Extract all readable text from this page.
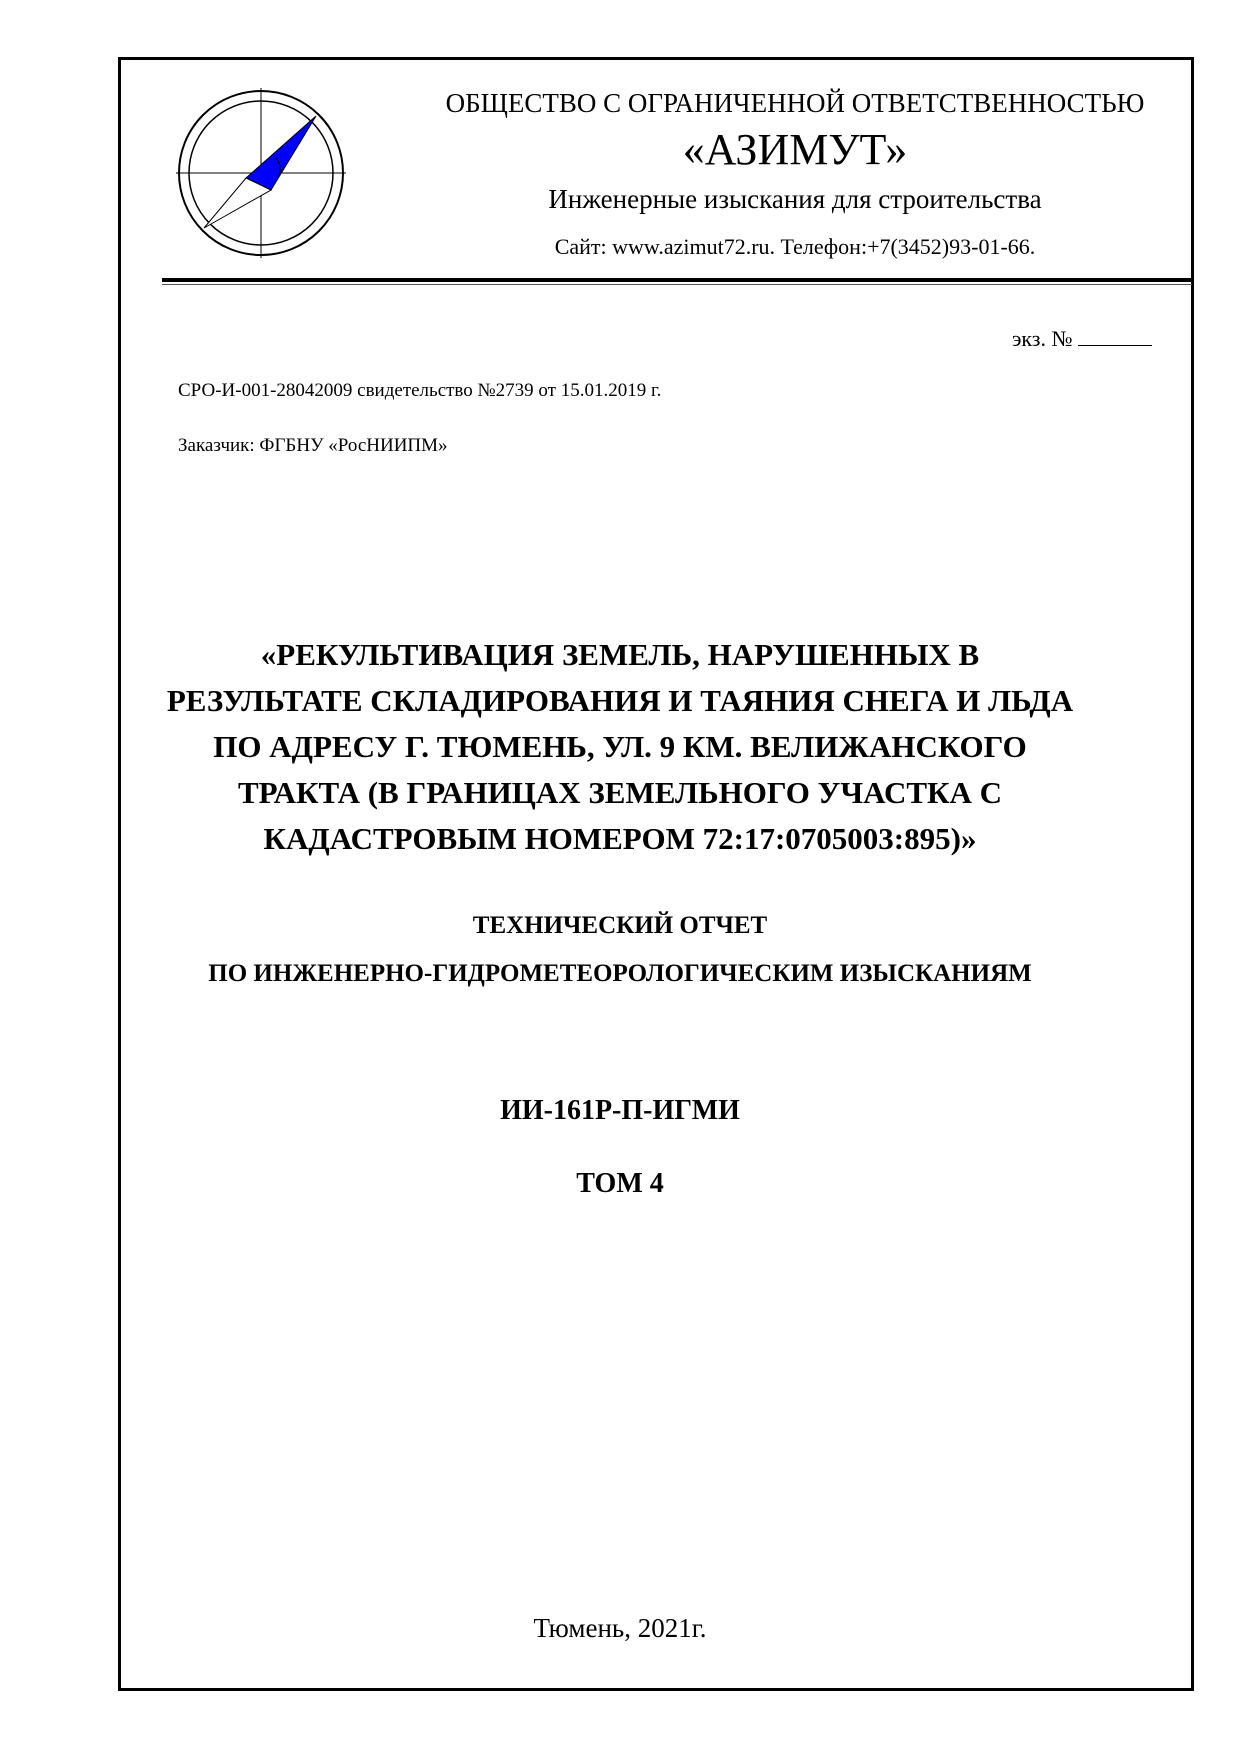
ОБЩЕСТВО С ОГРАНИЧЕННОЙ ОТВЕТСТВЕННОСТЬЮ
«АЗИМУТ»
Инженерные изыскания для строительства
Сайт: www.azimut72.ru. Телефон:+7(3452)93-01-66.
экз. №
СРО-И-001-28042009 свидетельство №2739 от 15.01.2019 г.
Заказчик: ФГБНУ «РосНИИПМ»
«РЕКУЛЬТИВАЦИЯ ЗЕМЕЛЬ, НАРУШЕННЫХ В
РЕЗУЛЬТАТЕ СКЛАДИРОВАНИЯ И ТАЯНИЯ СНЕГА И ЛЬДА
ПО АДРЕСУ Г. ТЮМЕНЬ, УЛ. 9 КМ. ВЕЛИЖАНСКОГО
ТРАКТА (В ГРАНИЦАХ ЗЕМЕЛЬНОГО УЧАСТКА С
КАДАСТРОВЫМ НОМЕРОМ 72:17:0705003:895)»
ТЕХНИЧЕСКИЙ ОТЧЕТ
ПО ИНЖЕНЕРНО-ГИДРОМЕТЕОРОЛОГИЧЕСКИМ ИЗЫСКАНИЯМ
ИИ-161Р-П-ИГМИ
ТОМ 4
Тюмень, 2021г.
